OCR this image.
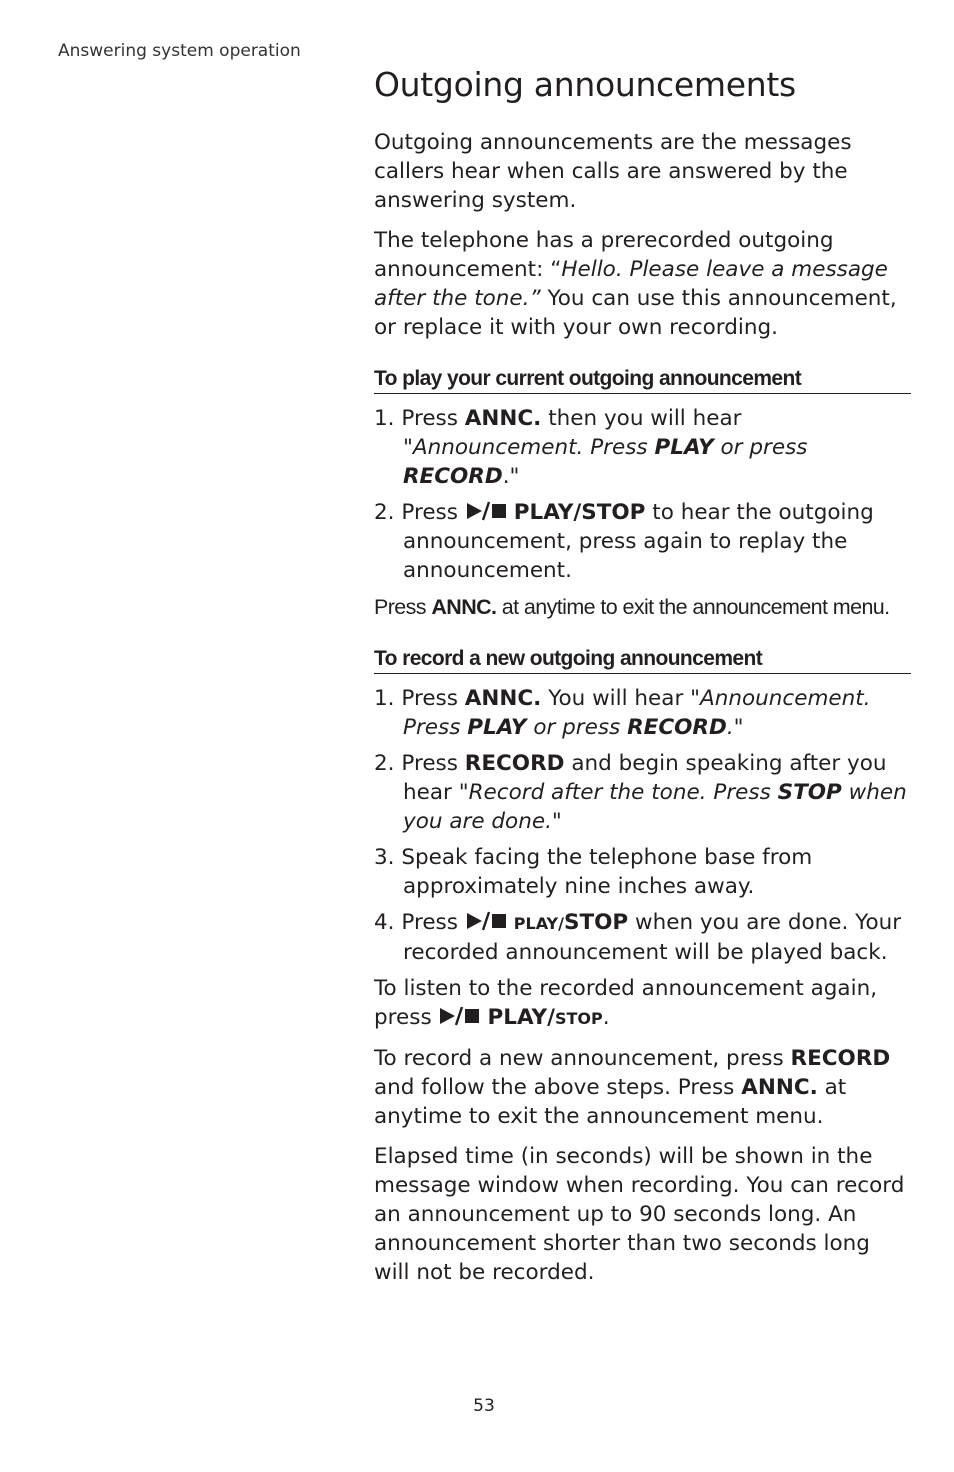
Answering system operation
Outgoing announcements

Outgoing announcements are the messages callers hear when calls are answered by the answering system.

The telephone has a prerecorded outgoing announcement: “Hello. Please leave a message after the tone.” You can use this announcement, or replace it with your own recording.

To play your current outgoing announcement
1. Press ANNC. then you will hear "Announcement. Press PLAY or press RECORD."
2. Press PLAY/STOP to hear the outgoing announcement, press again to replay the announcement.

Press ANNC. at anytime to exit the announcement menu.

To record a new outgoing announcement
1. Press ANNC. You will hear "Announcement. Press PLAY or press RECORD."
2. Press RECORD and begin speaking after you hear "Record after the tone. Press STOP when you are done."
3. Speak facing the telephone base from approximately nine inches away.
4. Press	PLAY/STOP when you are done. Your recorded announcement will be played back.

To listen to the recorded announcement again, press PLAY/STOP.

To record a new announcement, press RECORD and follow the above steps. Press ANNC. at anytime to exit the announcement menu.

Elapsed time (in seconds) will be shown in the message window when recording. You can record an announcement up to 90 seconds long. An announcement shorter than two seconds long will not be recorded.

53
